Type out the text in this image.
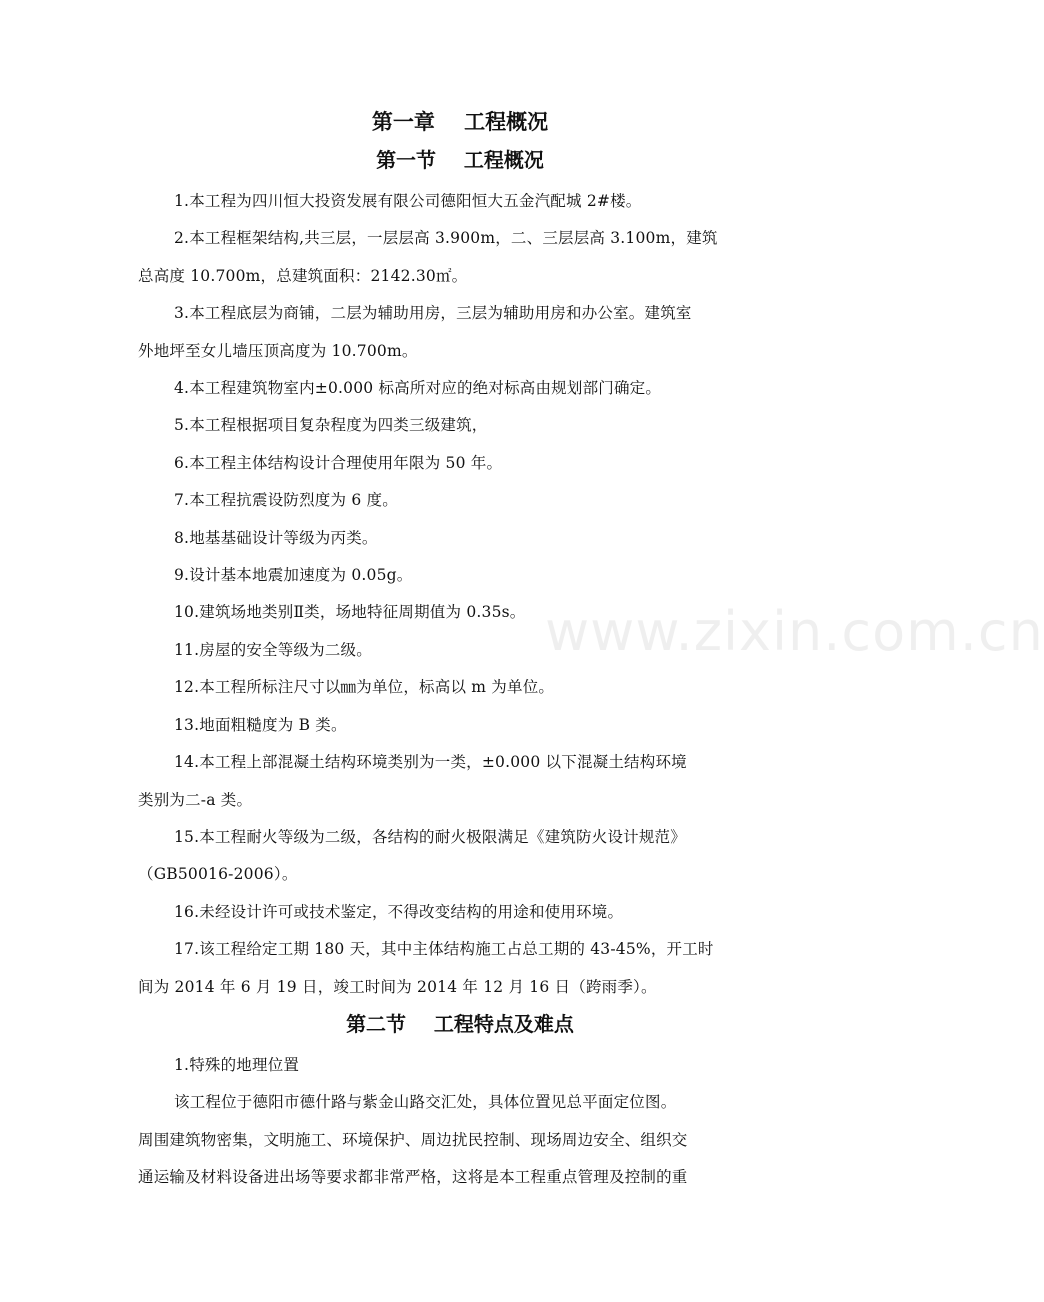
www.zixin.com.cn
第一章    工程概况
第一节    工程概况

1.本工程为四川恒大投资发展有限公司德阳恒大五金汽配城 2#楼。

2.本工程框架结构,共三层，一层层高 3.900m，二、三层层高 3.100m，建筑
总高度 10.700m，总建筑面积：2142.30㎡。

3.本工程底层为商铺，二层为辅助用房，三层为辅助用房和办公室。建筑室
外地坪至女儿墙压顶高度为 10.700m。

4.本工程建筑物室内±0.000 标高所对应的绝对标高由规划部门确定。

5.本工程根据项目复杂程度为四类三级建筑，

6.本工程主体结构设计合理使用年限为 50 年。

7.本工程抗震设防烈度为 6 度。

8.地基基础设计等级为丙类。

9.设计基本地震加速度为 0.05g。

10.建筑场地类别Ⅱ类，场地特征周期值为 0.35s。

11.房屋的安全等级为二级。

12.本工程所标注尺寸以㎜为单位，标高以 m 为单位。

13.地面粗糙度为 B 类。

14.本工程上部混凝土结构环境类别为一类，±0.000 以下混凝土结构环境
类别为二-a 类。

15.本工程耐火等级为二级，各结构的耐火极限满足《建筑防火设计规范》
（GB50016-2006）。

16.未经设计许可或技术鉴定，不得改变结构的用途和使用环境。

17.该工程给定工期 180 天，其中主体结构施工占总工期的 43-45%，开工时
间为 2014 年 6 月 19 日，竣工时间为 2014 年 12 月 16 日（跨雨季）。

第二节    工程特点及难点

1.特殊的地理位置

该工程位于德阳市德什路与紫金山路交汇处，具体位置见总平面定位图。
周围建筑物密集，文明施工、环境保护、周边扰民控制、现场周边安全、组织交
通运输及材料设备进出场等要求都非常严格，这将是本工程重点管理及控制的重
